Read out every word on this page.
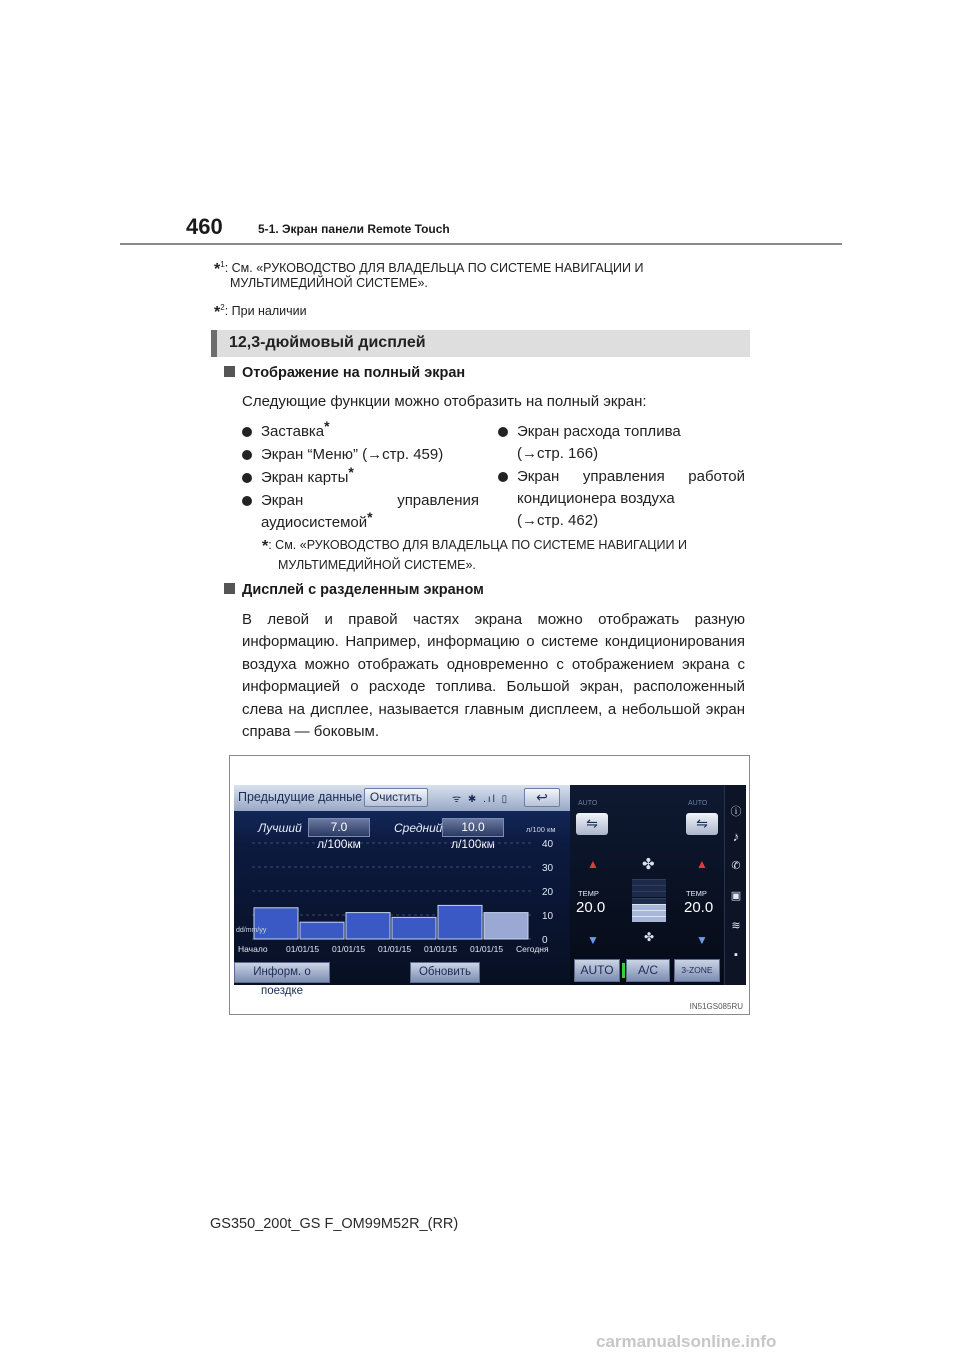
460	5-1. Экран панели Remote Touch
*$^1$: См. «РУКОВОДСТВО ДЛЯ ВЛАДЕЛЬЦА ПО СИСТЕМЕ НАВИГАЦИИ И
МУЛЬТИМЕДИЙНОЙ СИСТЕМЕ».
*$^2$: При наличии
12,3-дюймовый дисплей
Отображение на полный экран
Следующие функции можно отобразить на полный экран:
Заставка*
Экран “Меню” (→стр. 459)
Экран карты*
Экран	управления
аудиосистемой*
Экран расхода топлива
(→стр. 166)
Экран управления работой
кондиционера воздуха
(→стр. 462)
*: См. «РУКОВОДСТВО ДЛЯ ВЛАДЕЛЬЦА ПО СИСТЕМЕ НАВИГАЦИИ И
МУЛЬТИМЕДИЙНОЙ СИСТЕМЕ».
Дисплей с разделенным экраном
В левой и правой частях экрана можно отображать разную информацию. Например, информацию о системе кондиционирования воздуха можно отображать одновременно с отображением экрана с информацией о расходе топлива. Большой экран, расположенный слева на дисплее, называется главным дисплеем, а небольшой экран справа — боковым.
Предыдущие данные Очистить	ᯤ ✱ .ıl ▯	↩
Лучший	7.0 л/100км
Средний	10.0 л/100км
л/100 км
40
30
20
10
0
Начало 01/01/15 01/01/15 01/01/15 01/01/15 01/01/15 Сегодня
dd/mm/yy
Информ. о поездке
Обновить
AUTO	AUTO
⇋	⇋
▲	▲
✤
TEMP
20.0
TEMP
20.0
▼	▼
✤
AUTO	A/C	3-ZONE
ⓘ
♪
✆
▣
≋
▪
IN51GS085RU
GS350_200t_GS F_OM99M52R_(RR)
carmanualsonline.info
